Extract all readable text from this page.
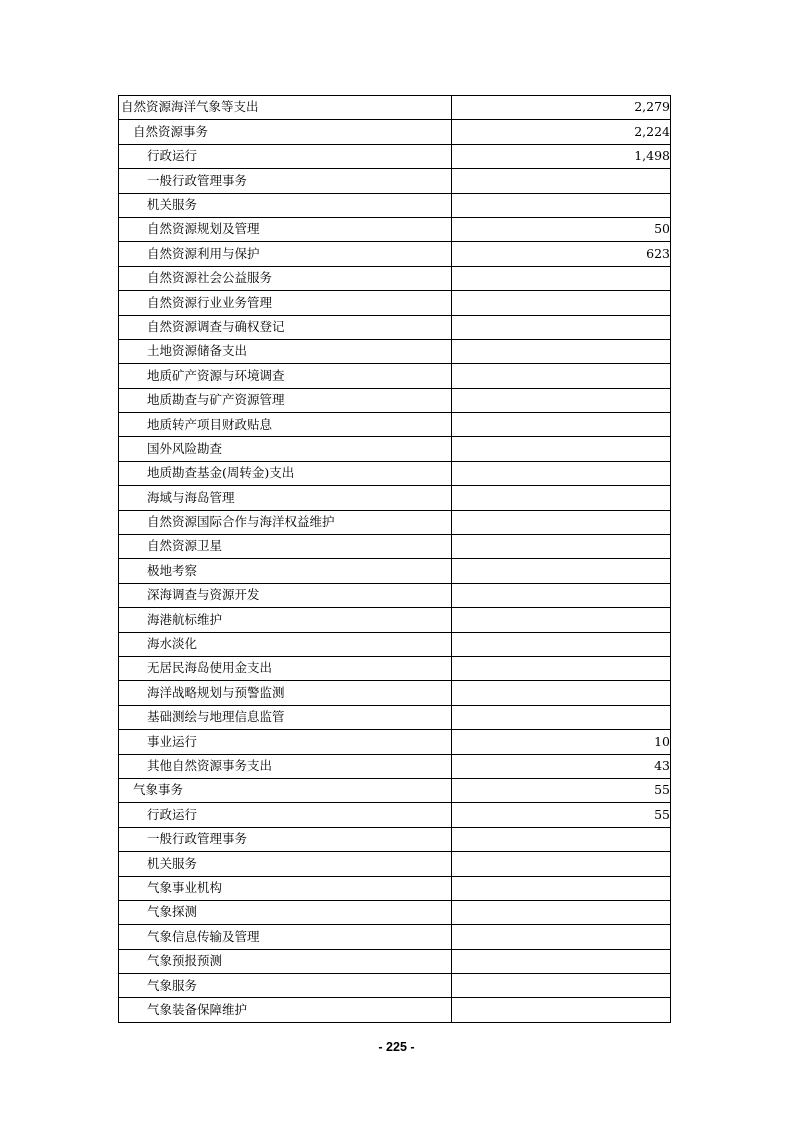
自然资源海洋气象等支出	2,279
自然资源事务	2,224
行政运行	1,498
一般行政管理事务	
机关服务	
自然资源规划及管理	50
自然资源利用与保护	623
自然资源社会公益服务	
自然资源行业业务管理	
自然资源调查与确权登记	
土地资源储备支出	
地质矿产资源与环境调查	
地质勘查与矿产资源管理	
地质转产项目财政贴息	
国外风险勘查	
地质勘查基金(周转金)支出	
海域与海岛管理	
自然资源国际合作与海洋权益维护	
自然资源卫星	
极地考察	
深海调查与资源开发	
海港航标维护	
海水淡化	
无居民海岛使用金支出	
海洋战略规划与预警监测	
基础测绘与地理信息监管	
事业运行	10
其他自然资源事务支出	43
气象事务	55
行政运行	55
一般行政管理事务	
机关服务	
气象事业机构	
气象探测	
气象信息传输及管理	
气象预报预测	
气象服务	
气象装备保障维护	
- 225 -
